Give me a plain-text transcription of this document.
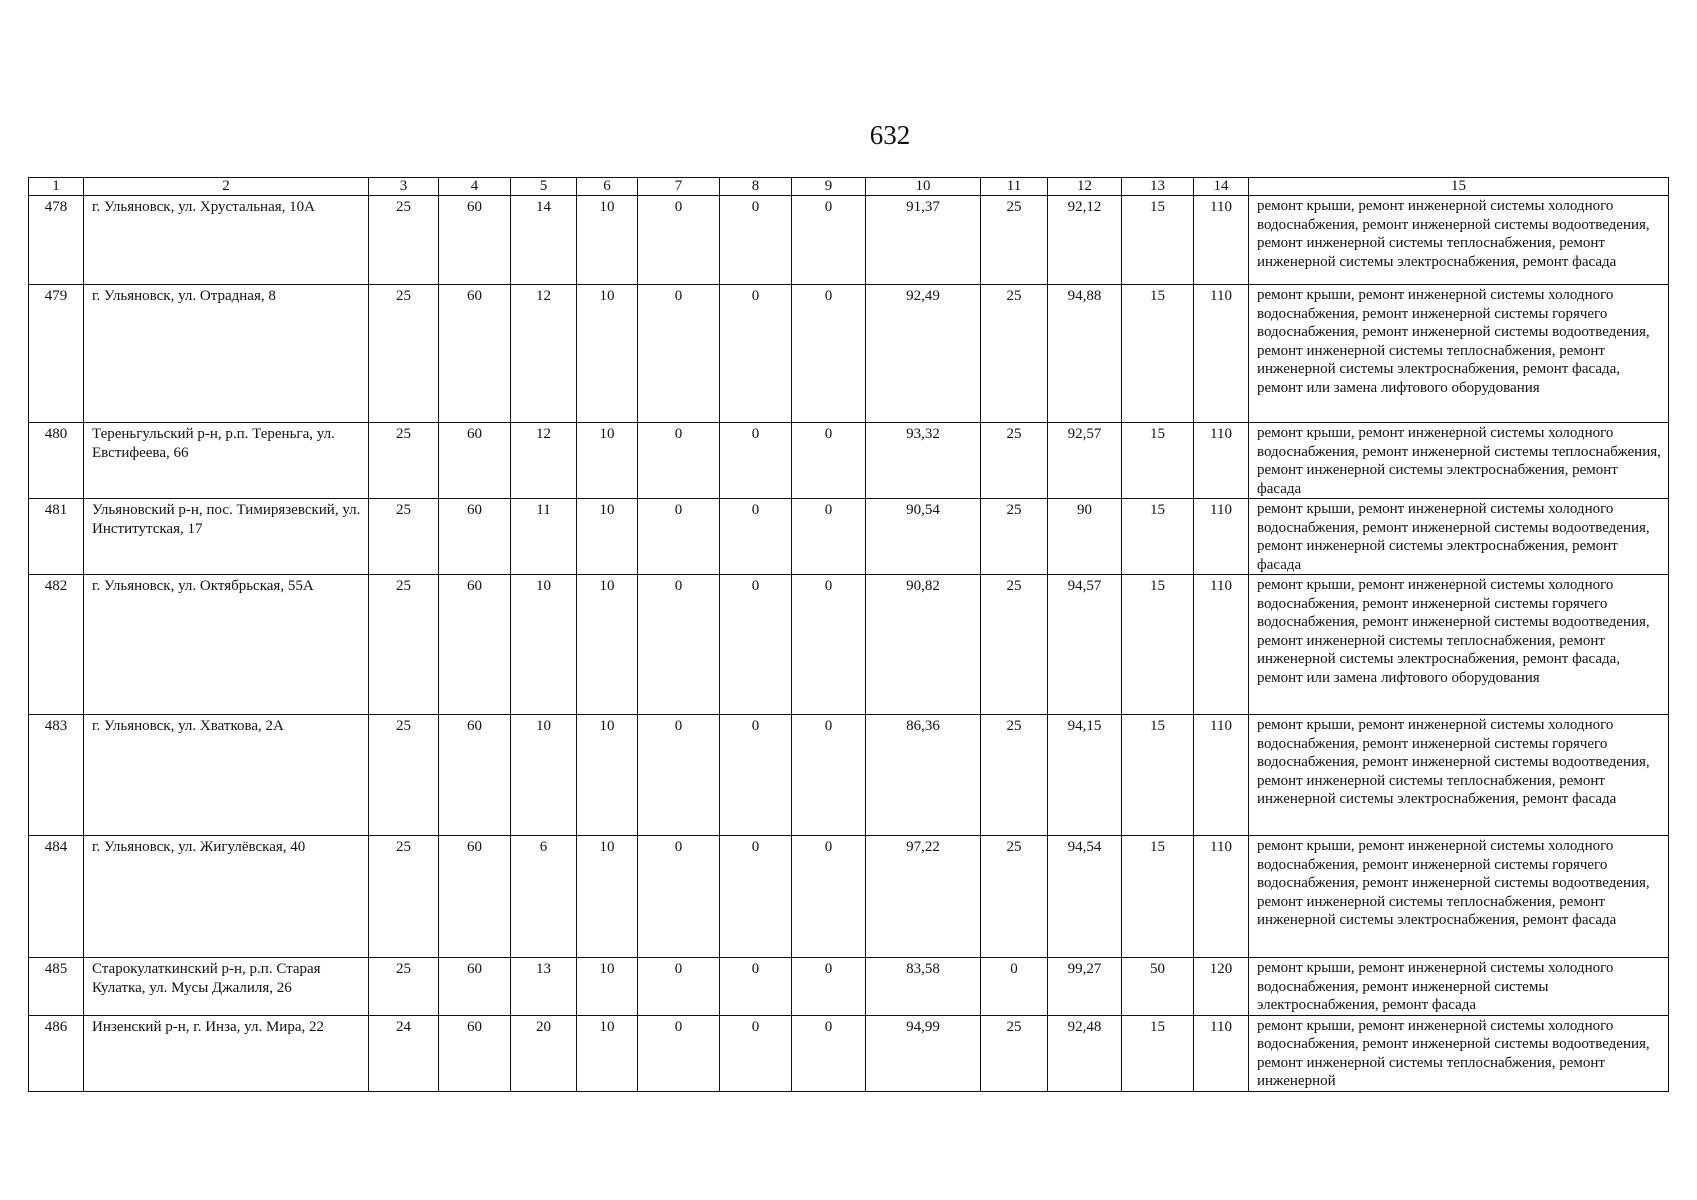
632
1	2	3	4	5	6	7	8	9	10	11	12	13	14	15
478	г. Ульяновск, ул. Хрустальная, 10А	25	60	14	10	0	0	0	91,37	25	92,12	15	110	ремонт крыши, ремонт инженерной системы холодного водоснабжения, ремонт инженерной системы водоотведения, ремонт инженерной системы теплоснабжения, ремонт инженерной системы электроснабжения, ремонт фасада
479	г. Ульяновск, ул. Отрадная, 8	25	60	12	10	0	0	0	92,49	25	94,88	15	110	ремонт крыши, ремонт инженерной системы холодного водоснабжения, ремонт инженерной системы горячего водоснабжения, ремонт инженерной системы водоотведения, ремонт инженерной системы теплоснабжения, ремонт инженерной системы электроснабжения, ремонт фасада, ремонт или замена лифтового оборудования
480	Тереньгульский р-н, р.п. Тереньга, ул. Евстифеева, 66	25	60	12	10	0	0	0	93,32	25	92,57	15	110	ремонт крыши, ремонт инженерной системы холодного водоснабжения, ремонт инженерной системы теплоснабжения, ремонт инженерной системы электроснабжения, ремонт фасада
481	Ульяновский р-н, пос. Тимирязевский, ул. Институтская, 17	25	60	11	10	0	0	0	90,54	25	90	15	110	ремонт крыши, ремонт инженерной системы холодного водоснабжения, ремонт инженерной системы водоотведения, ремонт инженерной системы электроснабжения, ремонт фасада
482	г. Ульяновск, ул. Октябрьская, 55А	25	60	10	10	0	0	0	90,82	25	94,57	15	110	ремонт крыши, ремонт инженерной системы холодного водоснабжения, ремонт инженерной системы горячего водоснабжения, ремонт инженерной системы водоотведения, ремонт инженерной системы теплоснабжения, ремонт инженерной системы электроснабжения, ремонт фасада, ремонт или замена лифтового оборудования
483	г. Ульяновск, ул. Хваткова, 2А	25	60	10	10	0	0	0	86,36	25	94,15	15	110	ремонт крыши, ремонт инженерной системы холодного водоснабжения, ремонт инженерной системы горячего водоснабжения, ремонт инженерной системы водоотведения, ремонт инженерной системы теплоснабжения, ремонт инженерной системы электроснабжения, ремонт фасада
484	г. Ульяновск, ул. Жигулёвская, 40	25	60	6	10	0	0	0	97,22	25	94,54	15	110	ремонт крыши, ремонт инженерной системы холодного водоснабжения, ремонт инженерной системы горячего водоснабжения, ремонт инженерной системы водоотведения, ремонт инженерной системы теплоснабжения, ремонт инженерной системы электроснабжения, ремонт фасада
485	Старокулаткинский р-н, р.п. Старая Кулатка, ул. Мусы Джалиля, 26	25	60	13	10	0	0	0	83,58	0	99,27	50	120	ремонт крыши, ремонт инженерной системы холодного водоснабжения, ремонт инженерной системы электроснабжения, ремонт фасада
486	Инзенский р-н, г. Инза, ул. Мира, 22	24	60	20	10	0	0	0	94,99	25	92,48	15	110	ремонт крыши, ремонт инженерной системы холодного водоснабжения, ремонт инженерной системы водоотведения, ремонт инженерной системы теплоснабжения, ремонт инженерной
